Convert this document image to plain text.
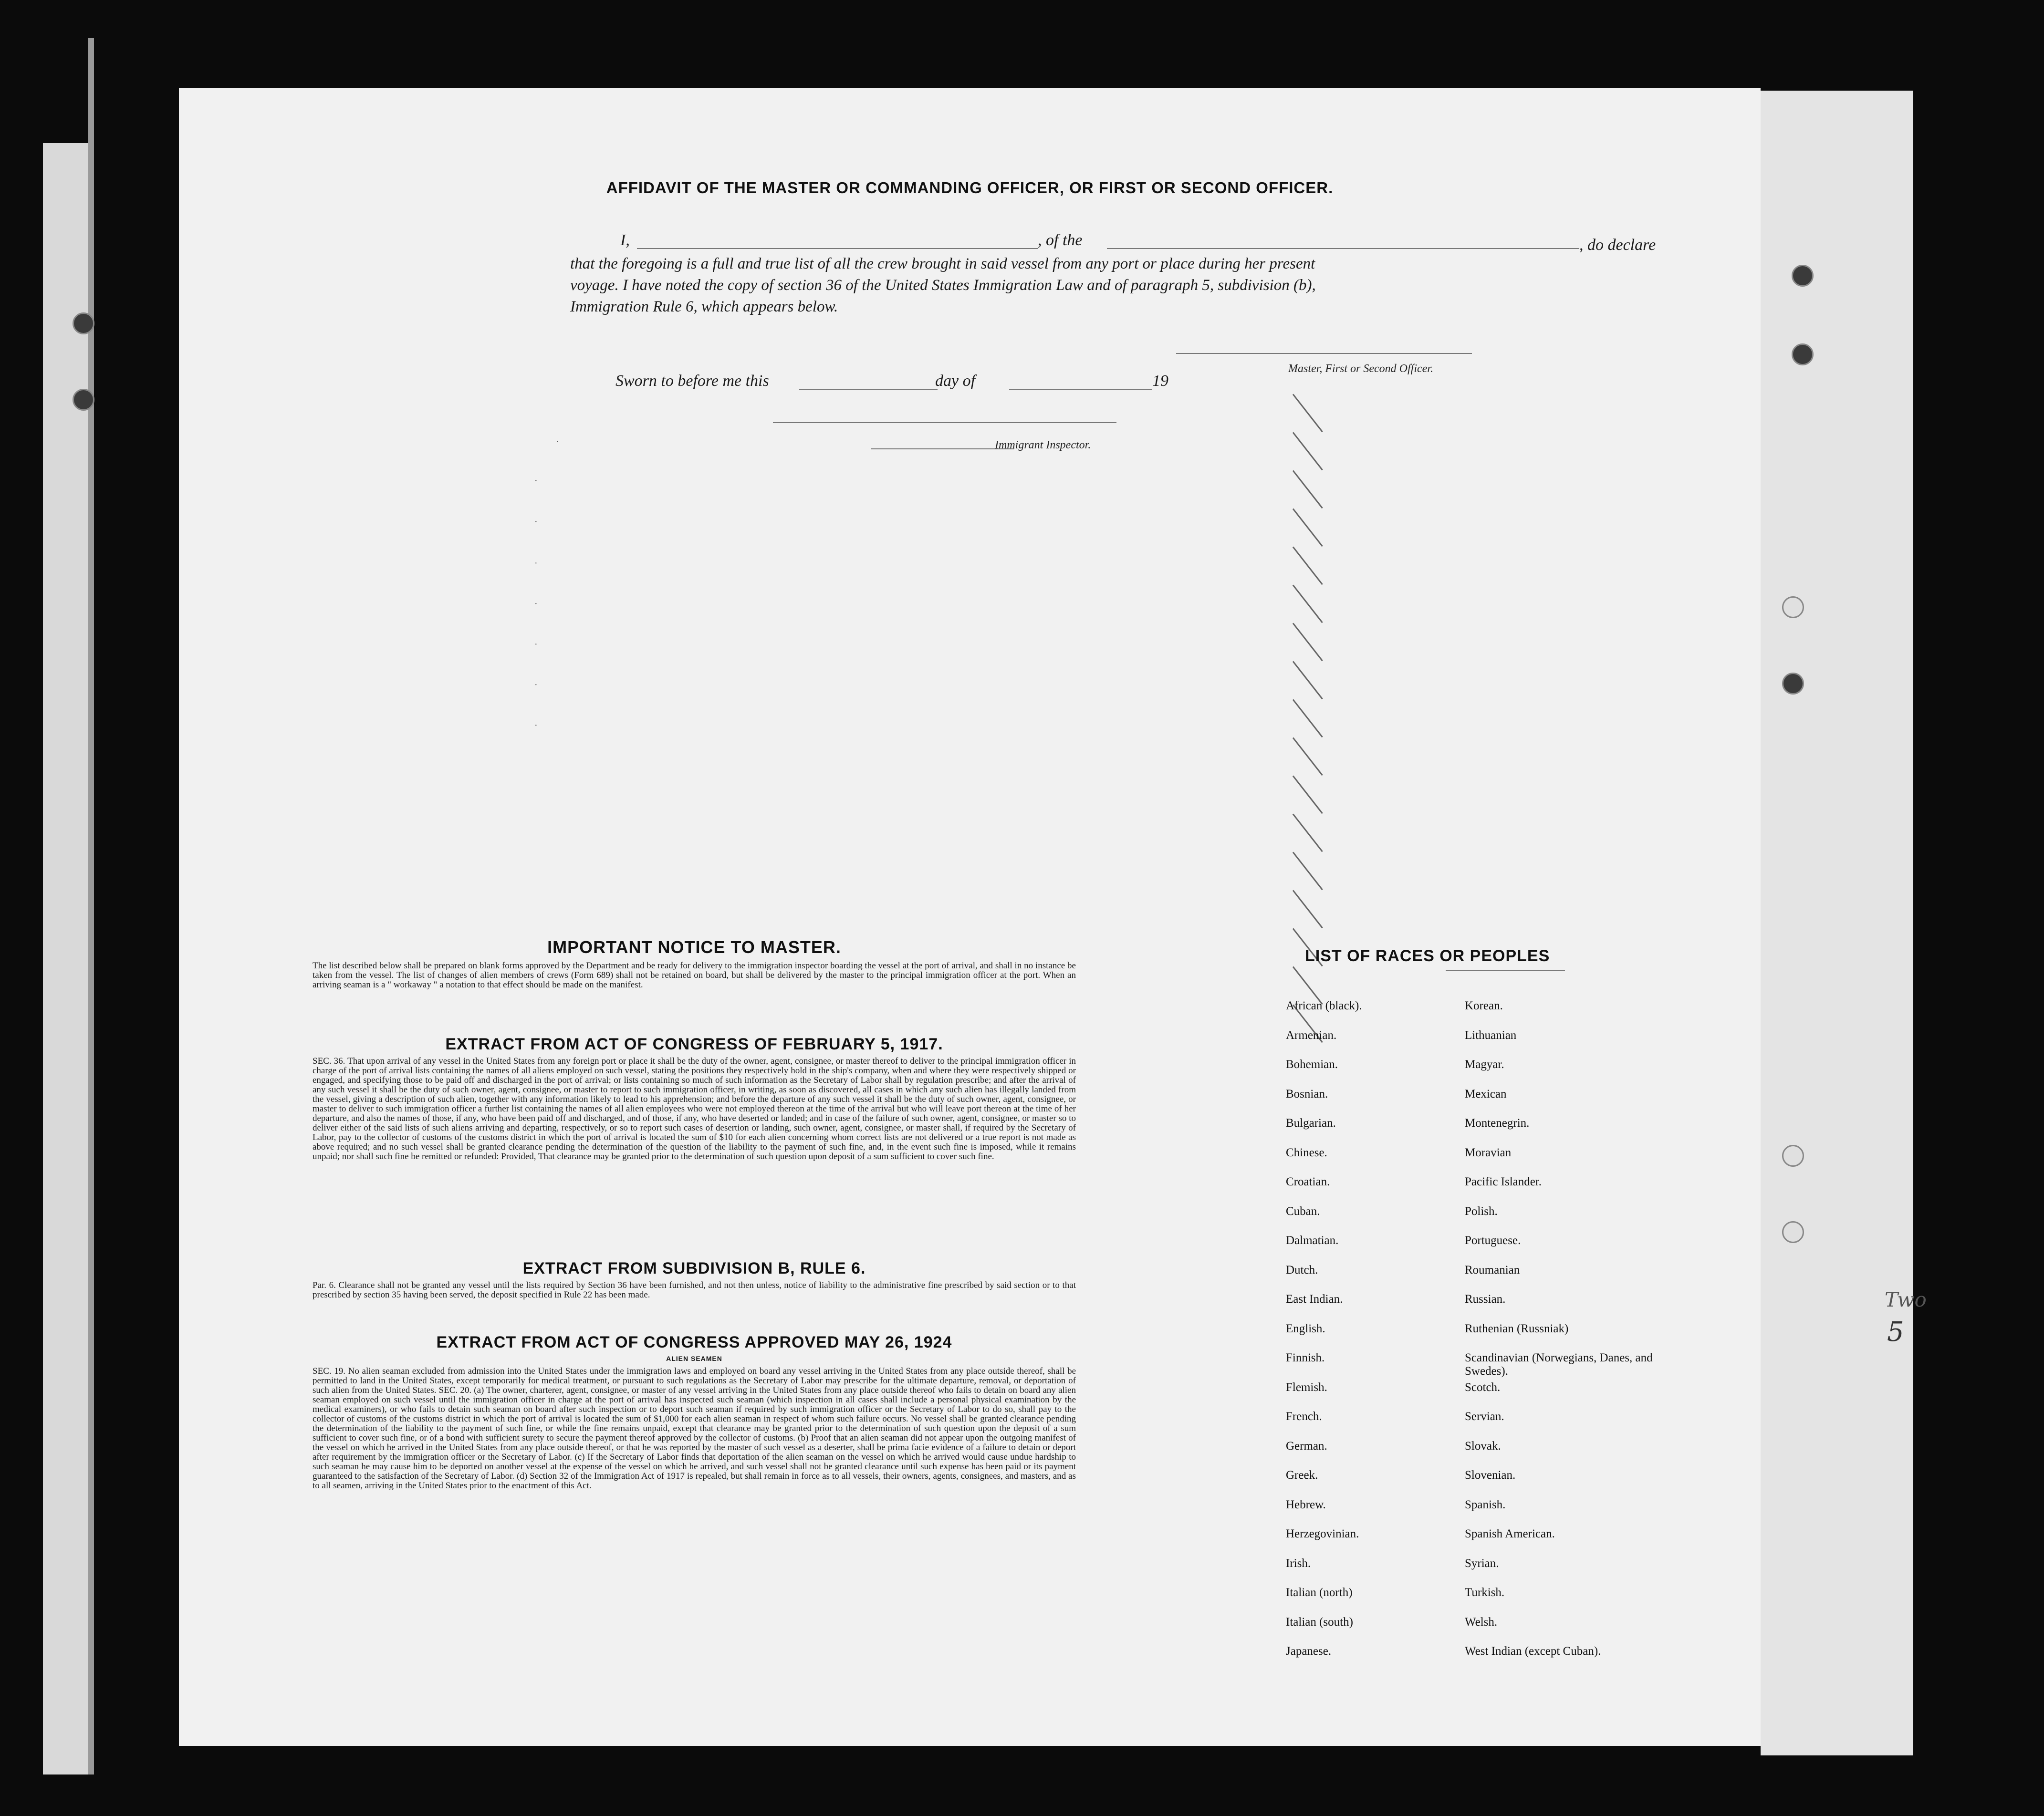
AFFIDAVIT OF THE MASTER OR COMMANDING OFFICER, OR FIRST OR SECOND OFFICER.
I,	, of the	, do declare
that the foregoing is a full and true list of all the crew brought in said vessel from any port or place during her present
voyage. I have noted the copy of section 36 of the United States Immigration Law and of paragraph 5, subdivision (b),
Immigration Rule 6, which appears below.
Master, First or Second Officer.
Sworn to before me this	day of	19
Immigrant Inspector.
·
·
·
·
·
·
·
·
IMPORTANT NOTICE TO MASTER.
The list described below shall be prepared on blank forms approved by the Department and be ready for delivery to the immigration inspector boarding the vessel at the port of arrival, and shall in no instance be taken from the vessel. The list of changes of alien members of crews (Form 689) shall not be retained on board, but shall be delivered by the master to the principal immigration officer at the port. When an arriving seaman is a " workaway " a notation to that effect should be made on the manifest.
EXTRACT FROM ACT OF CONGRESS OF FEBRUARY 5, 1917.
SEC. 36. That upon arrival of any vessel in the United States from any foreign port or place it shall be the duty of the owner, agent, consignee, or master thereof to deliver to the principal immigration officer in charge of the port of arrival lists containing the names of all aliens employed on such vessel, stating the positions they respectively hold in the ship's company, when and where they were respectively shipped or engaged, and specifying those to be paid off and discharged in the port of arrival; or lists containing so much of such information as the Secretary of Labor shall by regulation prescribe; and after the arrival of any such vessel it shall be the duty of such owner, agent, consignee, or master to report to such immigration officer, in writing, as soon as discovered, all cases in which any such alien has illegally landed from the vessel, giving a description of such alien, together with any information likely to lead to his apprehension; and before the departure of any such vessel it shall be the duty of such owner, agent, consignee, or master to deliver to such immigration officer a further list containing the names of all alien employees who were not employed thereon at the time of the arrival but who will leave port thereon at the time of her departure, and also the names of those, if any, who have been paid off and discharged, and of those, if any, who have deserted or landed; and in case of the failure of such owner, agent, consignee, or master so to deliver either of the said lists of such aliens arriving and departing, respectively, or so to report such cases of desertion or landing, such owner, agent, consignee, or master shall, if required by the Secretary of Labor, pay to the collector of customs of the customs district in which the port of arrival is located the sum of $10 for each alien concerning whom correct lists are not delivered or a true report is not made as above required; and no such vessel shall be granted clearance pending the determination of the question of the liability to the payment of such fine, and, in the event such fine is imposed, while it remains unpaid; nor shall such fine be remitted or refunded: Provided, That clearance may be granted prior to the determination of such question upon deposit of a sum sufficient to cover such fine.
EXTRACT FROM SUBDIVISION B, RULE 6.
Par. 6. Clearance shall not be granted any vessel until the lists required by Section 36 have been furnished, and not then unless, notice of liability to the administrative fine prescribed by said section or to that prescribed by section 35 having been served, the deposit specified in Rule 22 has been made.
EXTRACT FROM ACT OF CONGRESS APPROVED MAY 26, 1924
ALIEN SEAMEN
SEC. 19. No alien seaman excluded from admission into the United States under the immigration laws and employed on board any vessel arriving in the United States from any place outside thereof, shall be permitted to land in the United States, except temporarily for medical treatment, or pursuant to such regulations as the Secretary of Labor may prescribe for the ultimate departure, removal, or deportation of such alien from the United States. SEC. 20. (a) The owner, charterer, agent, consignee, or master of any vessel arriving in the United States from any place outside thereof who fails to detain on board any alien seaman employed on such vessel until the immigration officer in charge at the port of arrival has inspected such seaman (which inspection in all cases shall include a personal physical examination by the medical examiners), or who fails to detain such seaman on board after such inspection or to deport such seaman if required by such immigration officer or the Secretary of Labor to do so, shall pay to the collector of customs of the customs district in which the port of arrival is located the sum of $1,000 for each alien seaman in respect of whom such failure occurs. No vessel shall be granted clearance pending the determination of the liability to the payment of such fine, or while the fine remains unpaid, except that clearance may be granted prior to the determination of such question upon the deposit of a sum sufficient to cover such fine, or of a bond with sufficient surety to secure the payment thereof approved by the collector of customs. (b) Proof that an alien seaman did not appear upon the outgoing manifest of the vessel on which he arrived in the United States from any place outside thereof, or that he was reported by the master of such vessel as a deserter, shall be prima facie evidence of a failure to detain or deport after requirement by the immigration officer or the Secretary of Labor. (c) If the Secretary of Labor finds that deportation of the alien seaman on the vessel on which he arrived would cause undue hardship to such seaman he may cause him to be deported on another vessel at the expense of the vessel on which he arrived, and such vessel shall not be granted clearance until such expense has been paid or its payment guaranteed to the satisfaction of the Secretary of Labor. (d) Section 32 of the Immigration Act of 1917 is repealed, but shall remain in force as to all vessels, their owners, agents, consignees, and masters, and as to all seamen, arriving in the United States prior to the enactment of this Act.
LIST OF RACES OR PEOPLES
African (black).
Armenian.
Bohemian.
Bosnian.
Bulgarian.
Chinese.
Croatian.
Cuban.
Dalmatian.
Dutch.
East Indian.
English.
Finnish.
Flemish.
French.
German.
Greek.
Hebrew.
Herzegovinian.
Irish.
Italian (north)
Italian (south)
Japanese.
Korean.
Lithuanian
Magyar.
Mexican
Montenegrin.
Moravian
Pacific Islander.
Polish.
Portuguese.
Roumanian
Russian.
Ruthenian (Russniak)
Scandinavian (Norwegians, Danes, and Swedes).
Scotch.
Servian.
Slovak.
Slovenian.
Spanish.
Spanish American.
Syrian.
Turkish.
Welsh.
West Indian (except Cuban).
Two
5
